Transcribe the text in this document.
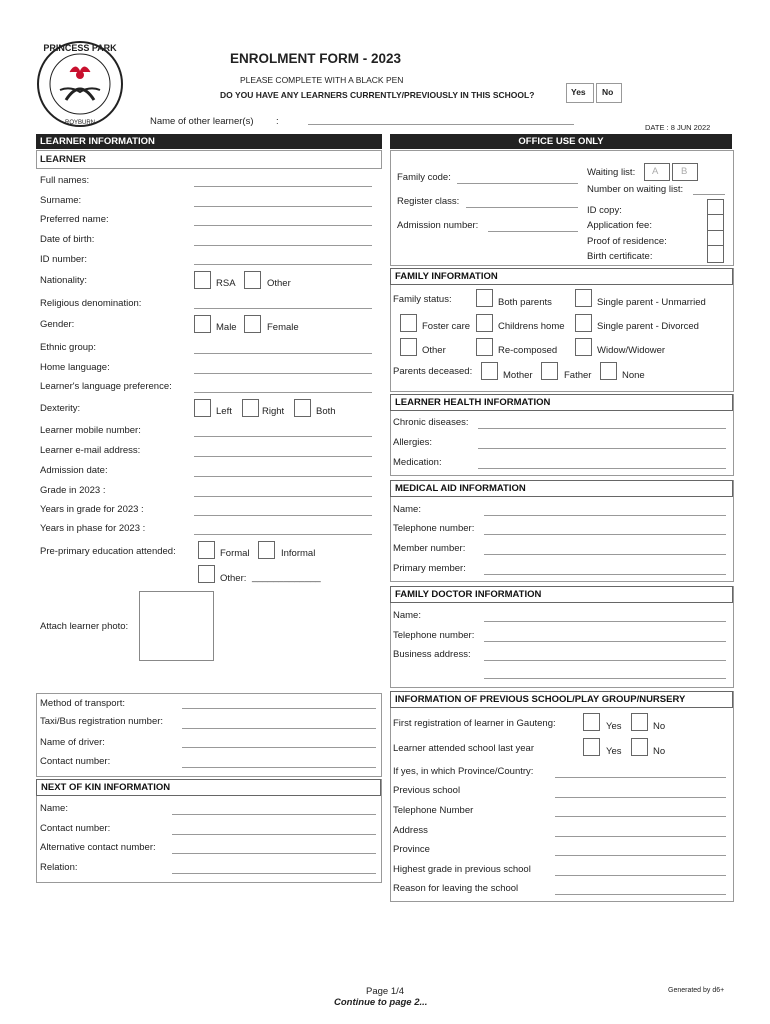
PRINCESS PARK
ROYBURN
ENROLMENT FORM - 2023
PLEASE COMPLETE WITH A BLACK PEN
DO YOU HAVE ANY LEARNERS CURRENTLY/PREVIOUSLY IN THIS SCHOOL?	Yes No
Name of other learner(s) :
DATE : 8 JUN 2022
LEARNER INFORMATION
LEARNER
Full names:
Surname:
Preferred name:
Date of birth:
ID number:
Nationality:	RSA	Other
Religious denomination:
Gender:	Male	Female
Ethnic group:
Home language:
Learner's language preference:
Dexterity:	Left	Right	Both
Learner mobile number:
Learner e-mail address:
Admission date:
Grade in 2023 :
Years in grade for 2023 :
Years in phase for 2023 :
Pre-primary education attended:	Formal	Informal
Other: _____________
Attach learner photo:
Method of transport:
Taxi/Bus registration number:
Name of driver:
Contact number:
NEXT OF KIN INFORMATION
Name:
Contact number:
Alternative contact number:
Relation:
OFFICE USE ONLY
Family code:
Register class:
Admission number:
Waiting list: A B
Number on waiting list:
ID copy:
Application fee:
Proof of residence:
Birth certificate:
FAMILY INFORMATION
Family status:	Both parents	Single parent - Unmarried
Foster care	Childrens home	Single parent - Divorced
Other	Re-composed	Widow/Widower
Parents deceased:	Mother	Father	None
LEARNER HEALTH INFORMATION
Chronic diseases:
Allergies:
Medication:
MEDICAL AID INFORMATION
Name:
Telephone number:
Member number:
Primary member:
FAMILY DOCTOR INFORMATION
Name:
Telephone number:
Business address:
INFORMATION OF PREVIOUS SCHOOL/PLAY GROUP/NURSERY
First registration of learner in Gauteng:	Yes	No
Learner attended school last year	Yes	No
If yes, in which Province/Country:
Previous school
Telephone Number
Address
Province
Highest grade in previous school
Reason for leaving the school
Page 1/4
Continue to page 2...
Generated by d6+
